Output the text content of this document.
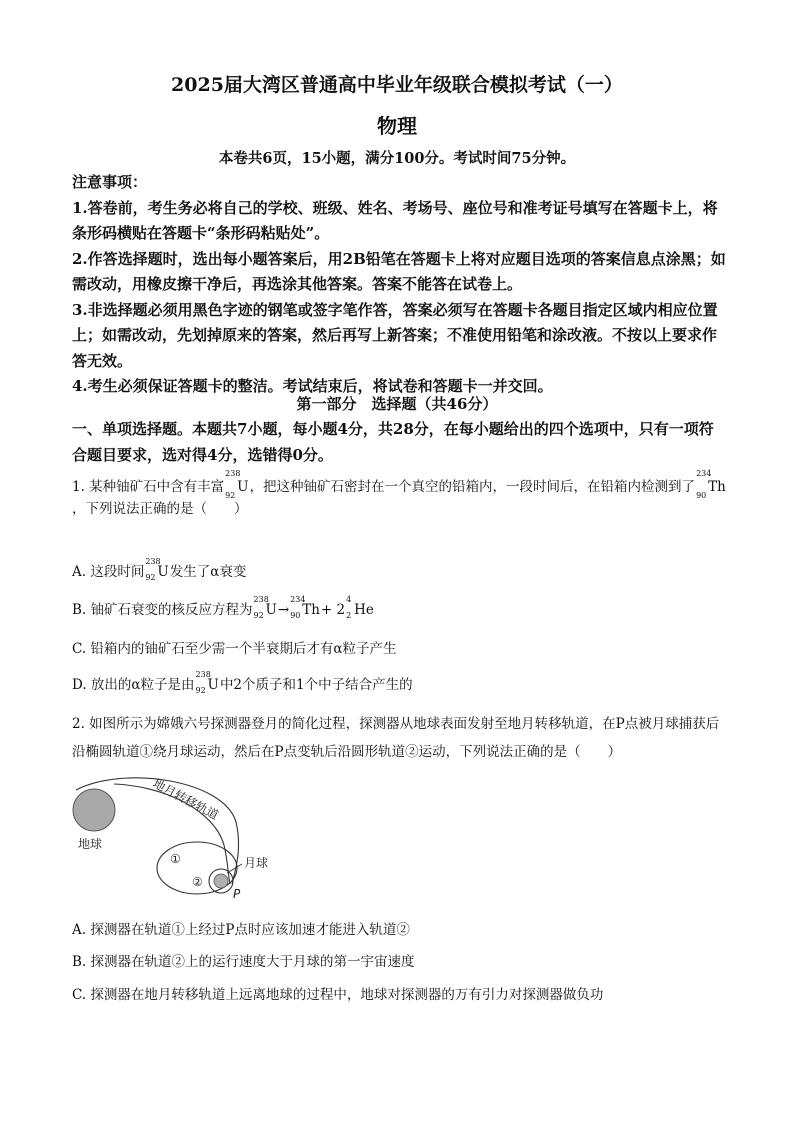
2025届大湾区普通高中毕业年级联合模拟考试（一）
物理
本卷共6页，15小题，满分100分。考试时间75分钟。
注意事项：
1.答卷前，考生务必将自己的学校、班级、姓名、考场号、座位号和准考证号填写在答题卡上，将条形码横贴在答题卡“条形码粘贴处”。
2.作答选择题时，选出每小题答案后，用2B铅笔在答题卡上将对应题目选项的答案信息点涂黑；如需改动，用橡皮擦干净后，再选涂其他答案。答案不能答在试卷上。
3.非选择题必须用黑色字迹的钢笔或签字笔作答，答案必须写在答题卡各题目指定区域内相应位置上；如需改动，先划掉原来的答案，然后再写上新答案；不准使用铅笔和涂改液。不按以上要求作答无效。
4.考生必须保证答题卡的整洁。考试结束后，将试卷和答题卡一并交回。
第一部分　选择题（共46分）
一、单项选择题。本题共7小题，每小题4分，共28分，在每小题给出的四个选项中，只有一项符合题目要求，选对得4分，选错得0分。
1. 某种铀矿石中含有丰富
238
92
U，把这种铀矿石密封在一个真空的铅箱内，一段时间后，在铅箱内检测到了
234
90
Th，下列说法正确的是（　　）
A. 这段时间
238
92 U发生了α衰变
B. 铀矿石衰变的核反应方程为
238
92 U→
234
90 Th+ 2
4
2 He
C. 铅箱内的铀矿石至少需一个半衰期后才有α粒子产生
D. 放出的α粒子是由
238
92 U中2个质子和1个中子结合产生的
2. 如图所示为嫦娥六号探测器登月的简化过程，探测器从地球表面发射至地月转移轨道，在P点被月球捕获后沿椭圆轨道①绕月球运动，然后在P点变轨后沿圆形轨道②运动，下列说法正确的是（　　）
地球
地月转移轨道
①
②
月球
P
A. 探测器在轨道①上经过P点时应该加速才能进入轨道②
B. 探测器在轨道②上的运行速度大于月球的第一宇宙速度
C. 探测器在地月转移轨道上远离地球的过程中，地球对探测器的万有引力对探测器做负功
